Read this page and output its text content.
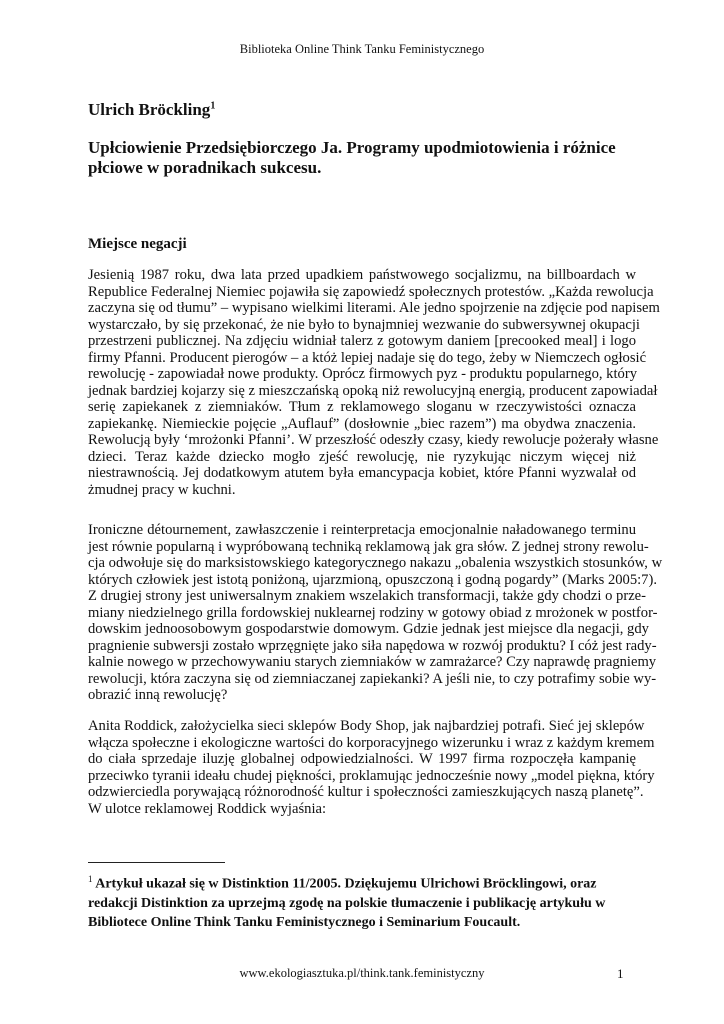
Biblioteka Online Think Tanku Feministycznego
Ulrich Bröckling$^1$
Upłciowienie Przedsiębiorczego Ja. Programy upodmiotowienia i różnice
płciowe w poradnikach sukcesu.
Miejsce negacji
Jesienią 1987 roku, dwa lata przed upadkiem państwowego socjalizmu, na billboardach w
Republice Federalnej Niemiec pojawiła się zapowiedź społecznych protestów. „Każda rewolucja
zaczyna się od tłumu” – wypisano wielkimi literami. Ale jedno spojrzenie na zdjęcie pod napisem
wystarczało, by się przekonać, że nie było to bynajmniej wezwanie do subwersywnej okupacji
przestrzeni publicznej. Na zdjęciu widniał talerz z gotowym daniem [precooked meal] i logo
firmy Pfanni. Producent pierogów – a któż lepiej nadaje się do tego, żeby w Niemczech ogłosić
rewolucję - zapowiadał nowe produkty. Oprócz firmowych pyz - produktu popularnego, który
jednak bardziej kojarzy się z mieszczańską opoką niż rewolucyjną energią, producent zapowiadał
serię zapiekanek z ziemniaków. Tłum z reklamowego sloganu w rzeczywistości oznacza
zapiekankę. Niemieckie pojęcie „Auflauf” (dosłownie „biec razem”) ma obydwa znaczenia.
Rewolucją były ‘mrożonki Pfanni’. W przeszłość odeszły czasy, kiedy rewolucje pożerały własne
dzieci. Teraz każde dziecko mogło zjeść rewolucję, nie ryzykując niczym więcej niż
niestrawnością. Jej dodatkowym atutem była emancypacja kobiet, które Pfanni wyzwalał od
żmudnej pracy w kuchni.
Ironiczne détournement, zawłaszczenie i reinterpretacja emocjonalnie naładowanego terminu
jest równie popularną i wypróbowaną techniką reklamową jak gra słów. Z jednej strony rewolu-
cja odwołuje się do marksistowskiego kategorycznego nakazu „obalenia wszystkich stosunków, w
których człowiek jest istotą poniżoną, ujarzmioną, opuszczoną i godną pogardy” (Marks 2005:7).
Z drugiej strony jest uniwersalnym znakiem wszelakich transformacji, także gdy chodzi o prze-
miany niedzielnego grilla fordowskiej nuklearnej rodziny w gotowy obiad z mrożonek w postfor-
dowskim jednoosobowym gospodarstwie domowym. Gdzie jednak jest miejsce dla negacji, gdy
pragnienie subwersji zostało wprzęgnięte jako siła napędowa w rozwój produktu? I cóż jest rady-
kalnie nowego w przechowywaniu starych ziemniaków w zamrażarce? Czy naprawdę pragniemy
rewolucji, która zaczyna się od ziemniaczanej zapiekanki? A jeśli nie, to czy potrafimy sobie wy-
obrazić inną rewolucję?
Anita Roddick, założycielka sieci sklepów Body Shop, jak najbardziej potrafi. Sieć jej sklepów
włącza społeczne i ekologiczne wartości do korporacyjnego wizerunku i wraz z każdym kremem
do ciała sprzedaje iluzję globalnej odpowiedzialności. W 1997 firma rozpoczęła kampanię
przeciwko tyranii ideału chudej piękności, proklamując jednocześnie nowy „model piękna, który
odzwierciedla porywającą różnorodność kultur i społeczności zamieszkujących naszą planetę”.
W ulotce reklamowej Roddick wyjaśnia:
$^1$ Artykuł ukazał się w Distinktion 11/2005. Dziękujemu Ulrichowi Bröcklingowi, oraz
redakcji Distinktion za uprzejmą zgodę na polskie tłumaczenie i publikację artykułu w
Bibliotece Online Think Tanku Feministycznego i Seminarium Foucault.
www.ekologiasztuka.pl/think.tank.feministyczny	1
